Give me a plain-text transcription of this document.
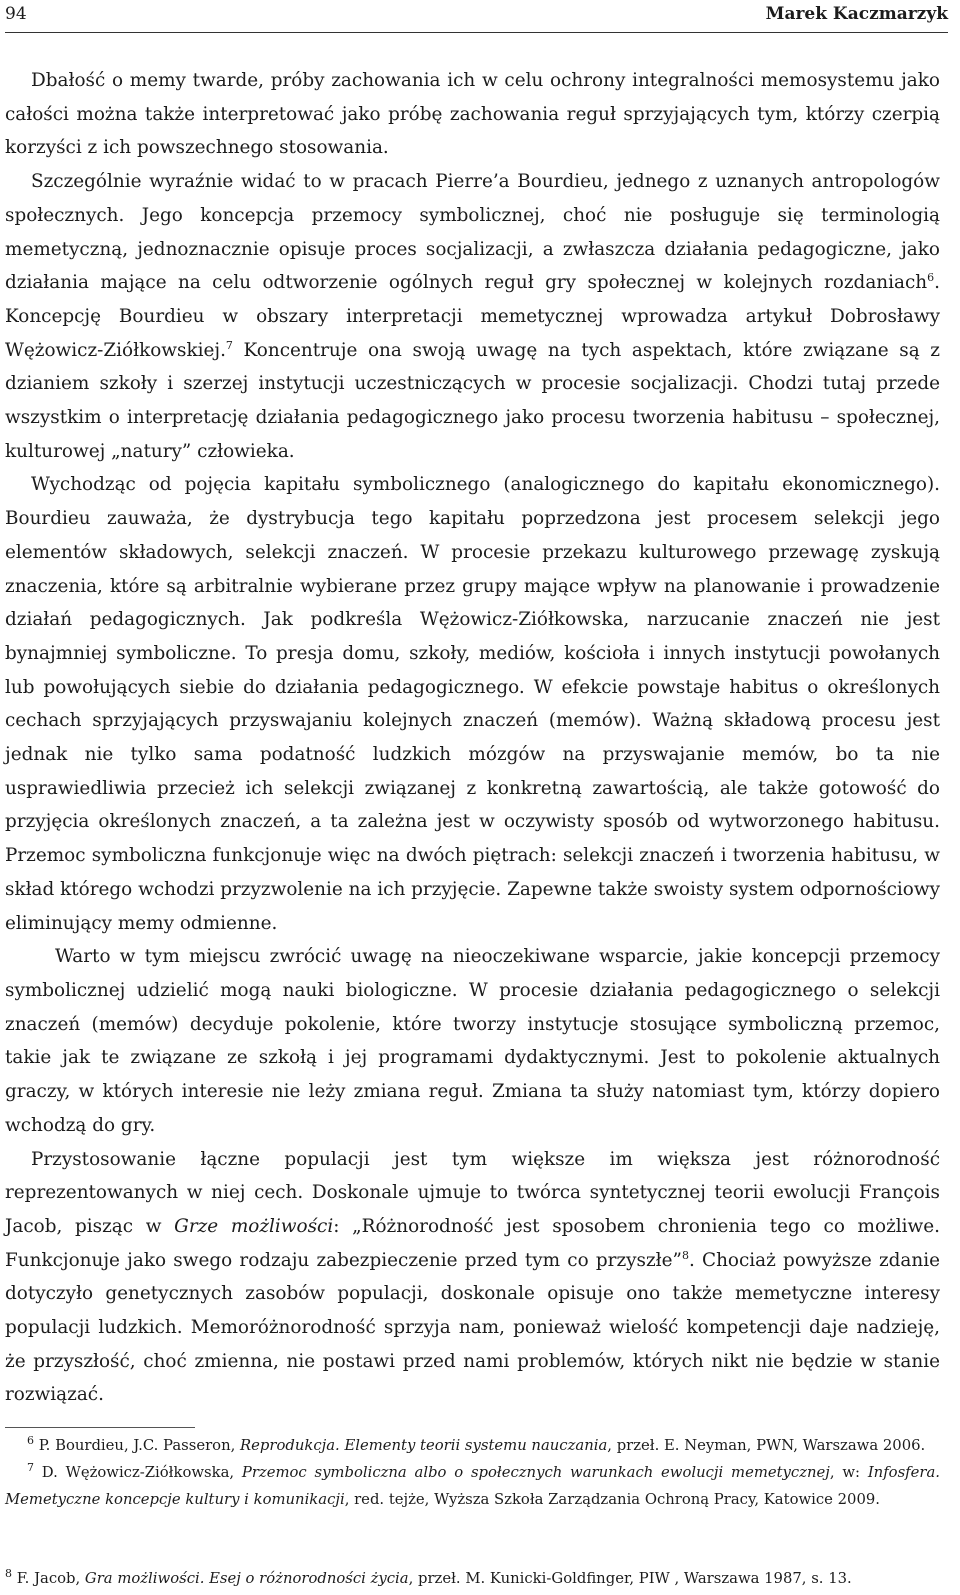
94	Marek Kaczmarzyk

Dbałość o memy twarde, próby zachowania ich w celu ochrony integralności memosystemu jako całości można także interpretować jako próbę zachowania reguł sprzyjających tym, którzy czerpią korzyści z ich powszechnego stosowania.

Szczególnie wyraźnie widać to w pracach Pierre’a Bourdieu, jednego z uznanych antropologów społecznych. Jego koncepcja przemocy symbolicznej, choć nie posługuje się terminologią memetyczną, jednoznacznie opisuje proces socjalizacji, a zwłaszcza działania pedagogiczne, jako działania mające na celu odtworzenie ogólnych reguł gry społecznej w kolejnych rozdaniach$^6$. Koncepcję Bourdieu w obszary interpretacji memetycznej wprowadza artykuł Dobrosławy Wężowicz-Ziółkowskiej.$^7$ Koncentruje ona swoją uwagę na tych aspektach, które związane są z dzianiem szkoły i szerzej instytucji uczestniczących w procesie socjalizacji. Chodzi tutaj przede wszystkim o interpretację działania pedagogicznego jako procesu tworzenia habitusu – społecznej, kulturowej „natury” człowieka.

Wychodząc od pojęcia kapitału symbolicznego (analogicznego do kapitału ekonomicznego). Bourdieu zauważa, że dystrybucja tego kapitału poprzedzona jest procesem selekcji jego elementów składowych, selekcji znaczeń. W procesie przekazu kulturowego przewagę zyskują znaczenia, które są arbitralnie wybierane przez grupy mające wpływ na planowanie i prowadzenie działań pedagogicznych. Jak podkreśla Wężowicz-Ziółkowska, narzucanie znaczeń nie jest bynajmniej symboliczne. To presja domu, szkoły, mediów, kościoła i innych instytucji powołanych lub powołujących siebie do działania pedagogicznego. W efekcie powstaje habitus o określonych cechach sprzyjających przyswajaniu kolejnych znaczeń (memów). Ważną składową procesu jest jednak nie tylko sama podatność ludzkich mózgów na przyswajanie memów, bo ta nie usprawiedliwia przecież ich selekcji związanej z konkretną zawartością, ale także gotowość do przyjęcia określonych znaczeń, a ta zależna jest w oczywisty sposób od wytworzonego habitusu. Przemoc symboliczna funkcjonuje więc na dwóch piętrach: selekcji znaczeń i tworzenia habitusu, w skład którego wchodzi przyzwolenie na ich przyjęcie. Zapewne także swoisty system odpornościowy eliminujący memy odmienne.

Warto w tym miejscu zwrócić uwagę na nieoczekiwane wsparcie, jakie koncepcji przemocy symbolicznej udzielić mogą nauki biologiczne. W procesie działania pedagogicznego o selekcji znaczeń (memów) decyduje pokolenie, które tworzy instytucje stosujące symboliczną przemoc, takie jak te związane ze szkołą i jej programami dydaktycznymi. Jest to pokolenie aktualnych graczy, w których interesie nie leży zmiana reguł. Zmiana ta służy natomiast tym, którzy dopiero wchodzą do gry.

Przystosowanie łączne populacji jest tym większe im większa jest różnorodność reprezentowanych w niej cech. Doskonale ujmuje to twórca syntetycznej teorii ewolucji François Jacob, pisząc w Grze możliwości: „Różnorodność jest sposobem chronienia tego co możliwe. Funkcjonuje jako swego rodzaju zabezpieczenie przed tym co przyszłe”$^8$. Chociaż powyższe zdanie dotyczyło genetycznych zasobów populacji, doskonale opisuje ono także memetyczne interesy populacji ludzkich. Memoróżnorodność sprzyja nam, ponieważ wielość kompetencji daje nadzieję, że przyszłość, choć zmienna, nie postawi przed nami problemów, których nikt nie będzie w stanie rozwiązać.

$^6$ P. Bourdieu, J.C. Passeron, Reprodukcja. Elementy teorii systemu nauczania, przeł. E. Neyman, PWN, Warszawa 2006.
$^7$ D. Wężowicz-Ziółkowska, Przemoc symboliczna albo o społecznych warunkach ewolucji memetycznej, w: Infosfera. Memetyczne koncepcje kultury i komunikacji, red. tejże, Wyższa Szkoła Zarządzania Ochroną Pracy, Katowice 2009.
$^8$ F. Jacob, Gra możliwości. Esej o różnorodności życia, przeł. M. Kunicki-Goldfinger, PIW , Warszawa 1987, s. 13.
